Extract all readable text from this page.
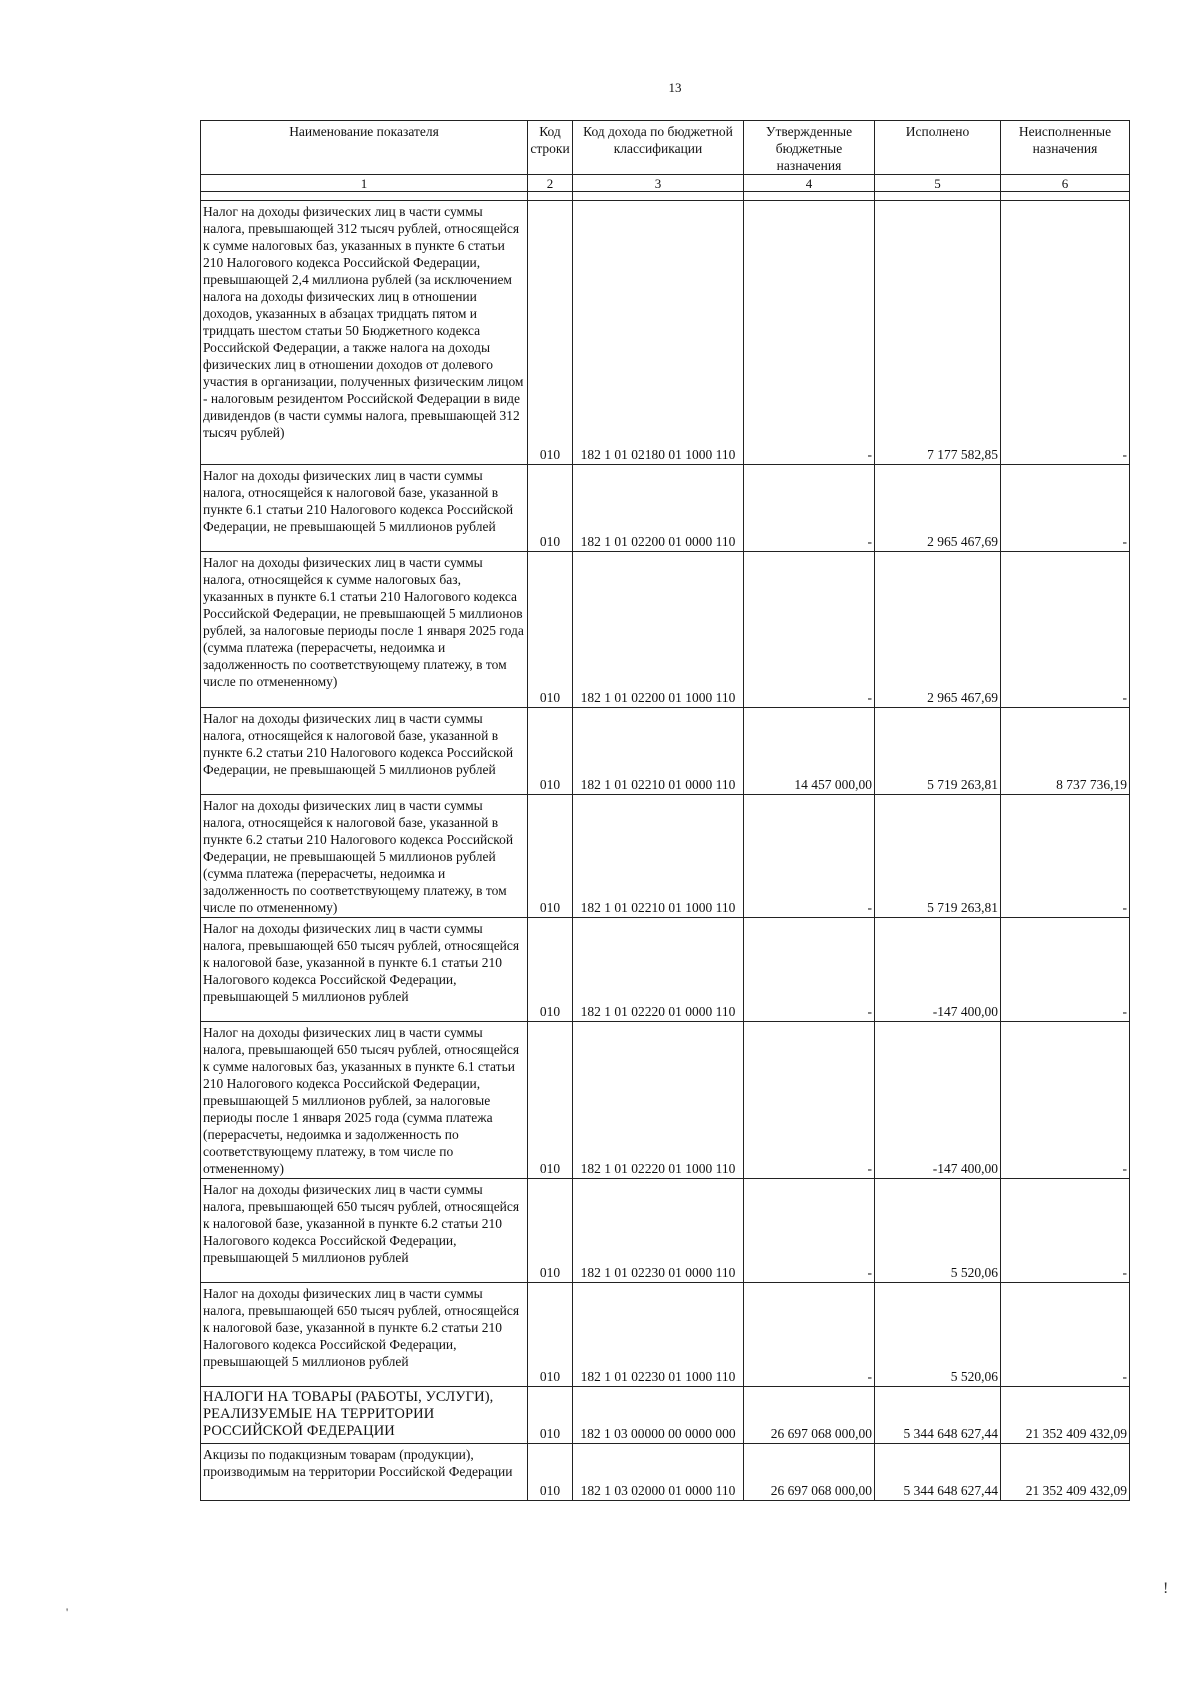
13
Наименование показателя	Код строки	Код дохода по бюджетной классификации	Утвержденные бюджетные назначения	Исполнено	Неисполненные назначения
1	2	3	4	5	6

Налог на доходы физических лиц в части суммы налога, превышающей 312 тысяч рублей, относящейся к сумме налоговых баз, указанных в пункте 6 статьи 210 Налогового кодекса Российской Федерации, превышающей 2,4 миллиона рублей (за исключением налога на доходы физических лиц в отношении доходов, указанных в абзацах тридцать пятом и тридцать шестом статьи 50 Бюджетного кодекса Российской Федерации, а также налога на доходы физических лиц в отношении доходов от долевого участия в организации, полученных физическим лицом - налоговым резидентом Российской Федерации в виде дивидендов (в части суммы налога, превышающей 312 тысяч рублей)	010	182 1 01 02180 01 1000 110	-	7 177 582,85	-
Налог на доходы физических лиц в части суммы налога, относящейся к налоговой базе, указанной в пункте 6.1 статьи 210 Налогового кодекса Российской Федерации, не превышающей 5 миллионов рублей	010	182 1 01 02200 01 0000 110	-	2 965 467,69	-
Налог на доходы физических лиц в части суммы налога, относящейся к сумме налоговых баз, указанных в пункте 6.1 статьи 210 Налогового кодекса Российской Федерации, не превышающей 5 миллионов рублей, за налоговые периоды после 1 января 2025 года (сумма платежа (перерасчеты, недоимка и задолженность по соответствующему платежу, в том числе по отмененному)	010	182 1 01 02200 01 1000 110	-	2 965 467,69	-
Налог на доходы физических лиц в части суммы налога, относящейся к налоговой базе, указанной в пункте 6.2 статьи 210 Налогового кодекса Российской Федерации, не превышающей 5 миллионов рублей	010	182 1 01 02210 01 0000 110	14 457 000,00	5 719 263,81	8 737 736,19
Налог на доходы физических лиц в части суммы налога, относящейся к налоговой базе, указанной в пункте 6.2 статьи 210 Налогового кодекса Российской Федерации, не превышающей 5 миллионов рублей (сумма платежа (перерасчеты, недоимка и задолженность по соответствующему платежу, в том числе по отмененному)	010	182 1 01 02210 01 1000 110	-	5 719 263,81	-
Налог на доходы физических лиц в части суммы налога, превышающей 650 тысяч рублей, относящейся к налоговой базе, указанной в пункте 6.1 статьи 210 Налогового кодекса Российской Федерации, превышающей 5 миллионов рублей	010	182 1 01 02220 01 0000 110	-	-147 400,00	-
Налог на доходы физических лиц в части суммы налога, превышающей 650 тысяч рублей, относящейся к сумме налоговых баз, указанных в пункте 6.1 статьи 210 Налогового кодекса Российской Федерации, превышающей 5 миллионов рублей, за налоговые периоды после 1 января 2025 года (сумма платежа (перерасчеты, недоимка и задолженность по соответствующему платежу, в том числе по отмененному)	010	182 1 01 02220 01 1000 110	-	-147 400,00	-
Налог на доходы физических лиц в части суммы налога, превышающей 650 тысяч рублей, относящейся к налоговой базе, указанной в пункте 6.2 статьи 210 Налогового кодекса Российской Федерации, превышающей 5 миллионов рублей	010	182 1 01 02230 01 0000 110	-	5 520,06	-
Налог на доходы физических лиц в части суммы налога, превышающей 650 тысяч рублей, относящейся к налоговой базе, указанной в пункте 6.2 статьи 210 Налогового кодекса Российской Федерации, превышающей 5 миллионов рублей	010	182 1 01 02230 01 1000 110	-	5 520,06	-
НАЛОГИ НА ТОВАРЫ (РАБОТЫ, УСЛУГИ), РЕАЛИЗУЕМЫЕ НА ТЕРРИТОРИИ РОССИЙСКОЙ ФЕДЕРАЦИИ	010	182 1 03 00000 00 0000 000	26 697 068 000,00	5 344 648 627,44	21 352 409 432,09
Акцизы по подакцизным товарам (продукции), производимым на территории Российской Федерации	010	182 1 03 02000 01 0000 110	26 697 068 000,00	5 344 648 627,44	21 352 409 432,09
'
!
